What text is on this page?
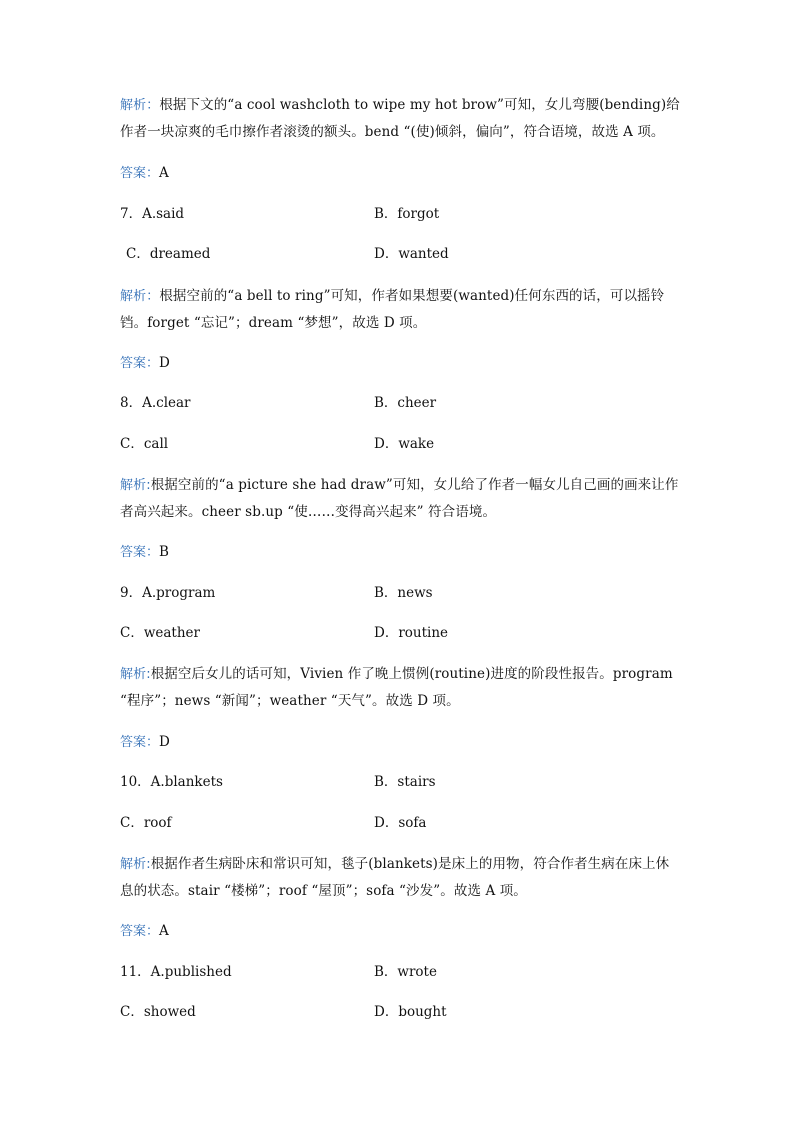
解析：根据下文的“a cool washcloth to wipe my hot brow”可知，女儿弯腰(bending)给作者一块凉爽的毛巾擦作者滚烫的额头。bend “(使)倾斜，偏向”，符合语境，故选 A 项。
答案：A
7．A.said	B．forgot
C．dreamed	D．wanted
解析：根据空前的“a bell to ring”可知，作者如果想要(wanted)任何东西的话，可以摇铃铛。forget “忘记”；dream “梦想”，故选 D 项。
答案：D
8．A.clear	B．cheer
C．call	D．wake
解析:根据空前的“a picture she had draw”可知，女儿给了作者一幅女儿自己画的画来让作者高兴起来。cheer sb.up “使……变得高兴起来” 符合语境。
答案：B
9．A.program	B．news
C．weather	D．routine
解析:根据空后女儿的话可知，Vivien 作了晚上惯例(routine)进度的阶段性报告。program “程序”；news “新闻”；weather “天气”。故选 D 项。
答案：D
10．A.blankets	B．stairs
C．roof	D．sofa
解析:根据作者生病卧床和常识可知，毯子(blankets)是床上的用物，符合作者生病在床上休息的状态。stair “楼梯”；roof “屋顶”；sofa “沙发”。故选 A 项。
答案：A
11．A.published	B．wrote
C．showed	D．bought
